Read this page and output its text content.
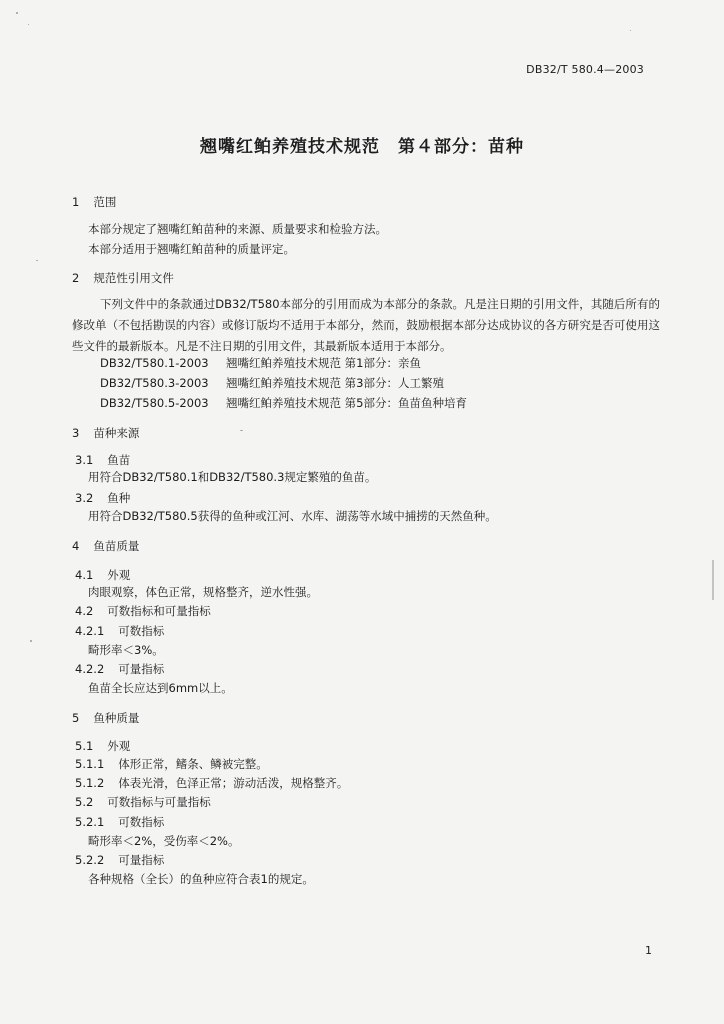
DB32/T 580.4—2003
翘嘴红鲌养殖技术规范　第４部分：苗种
1 范围
本部分规定了翘嘴红鲌苗种的来源、质量要求和检验方法。
本部分适用于翘嘴红鲌苗种的质量评定。
2 规范性引用文件
下列文件中的条款通过DB32/T580本部分的引用而成为本部分的条款。凡是注日期的引用文件，其随后所有的修改单（不包括勘误的内容）或修订版均不适用于本部分，然而，鼓励根据本部分达成协议的各方研究是否可使用这些文件的最新版本。凡是不注日期的引用文件，其最新版本适用于本部分。
DB32/T580.1-2003 翘嘴红鲌养殖技术规范 第1部分：亲鱼
DB32/T580.3-2003 翘嘴红鲌养殖技术规范 第3部分：人工繁殖
DB32/T580.5-2003 翘嘴红鲌养殖技术规范 第5部分：鱼苗鱼种培育
3 苗种来源
3.1 鱼苗
用符合DB32/T580.1和DB32/T580.3规定繁殖的鱼苗。
3.2 鱼种
用符合DB32/T580.5获得的鱼种或江河、水库、湖荡等水域中捕捞的天然鱼种。
4 鱼苗质量
4.1 外观
肉眼观察，体色正常，规格整齐，逆水性强。
4.2 可数指标和可量指标
4.2.1 可数指标
畸形率＜3%。
4.2.2 可量指标
鱼苗全长应达到6mm以上。
5 鱼种质量
5.1 外观
5.1.1 体形正常，鳍条、鳞被完整。
5.1.2 体表光滑，色泽正常；游动活泼，规格整齐。
5.2 可数指标与可量指标
5.2.1 可数指标
畸形率＜2%，受伤率＜2%。
5.2.2 可量指标
各种规格（全长）的鱼种应符合表1的规定。
1
